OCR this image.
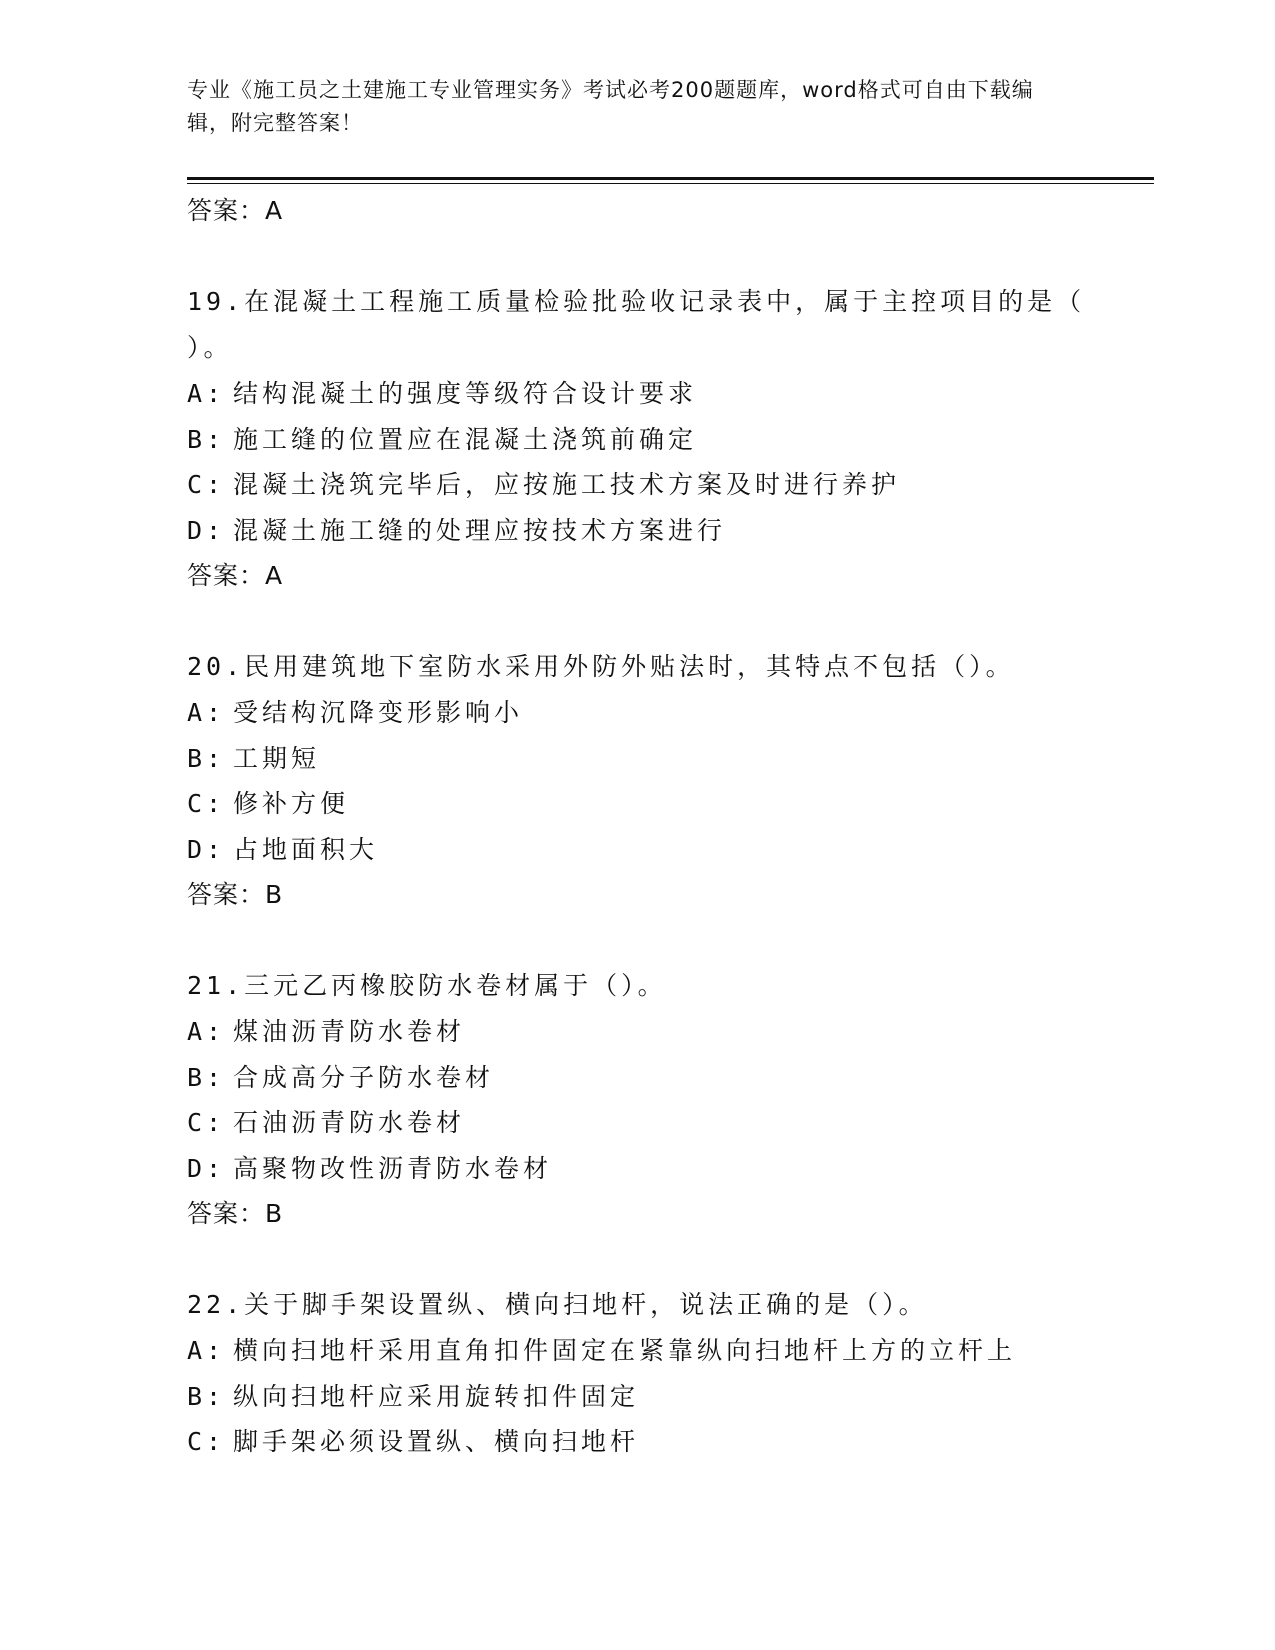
专业《施工员之土建施工专业管理实务》考试必考200题题库，word格式可自由下载编辑，附完整答案！
答案：A
19.在混凝土工程施工质量检验批验收记录表中，属于主控项目的是（ ）。
A: 结构混凝土的强度等级符合设计要求
B: 施工缝的位置应在混凝土浇筑前确定
C: 混凝土浇筑完毕后，应按施工技术方案及时进行养护
D: 混凝土施工缝的处理应按技术方案进行
答案：A
20.民用建筑地下室防水采用外防外贴法时，其特点不包括（）。
A: 受结构沉降变形影响小
B: 工期短
C: 修补方便
D: 占地面积大
答案：B
21.三元乙丙橡胶防水卷材属于（）。
A: 煤油沥青防水卷材
B: 合成高分子防水卷材
C: 石油沥青防水卷材
D: 高聚物改性沥青防水卷材
答案：B
22.关于脚手架设置纵、横向扫地杆，说法正确的是（）。
A: 横向扫地杆采用直角扣件固定在紧靠纵向扫地杆上方的立杆上
B: 纵向扫地杆应采用旋转扣件固定
C: 脚手架必须设置纵、横向扫地杆
